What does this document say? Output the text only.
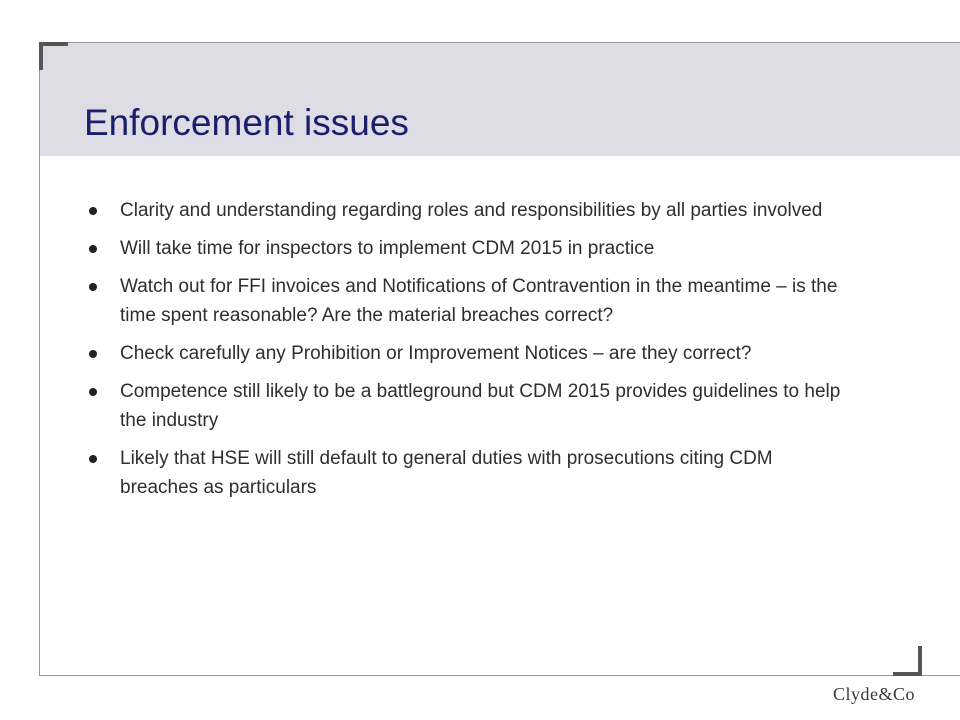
Enforcement issues
Clarity and understanding regarding roles and responsibilities by all parties involved
Will take time for inspectors to implement CDM 2015 in practice
Watch out for FFI invoices and Notifications of Contravention in the meantime – is the time spent reasonable? Are the material breaches correct?
Check carefully any Prohibition or Improvement Notices – are they correct?
Competence still likely to be a battleground but CDM 2015 provides guidelines to help the industry
Likely that HSE will still default to general duties with prosecutions citing CDM breaches as particulars
Clyde&Co
